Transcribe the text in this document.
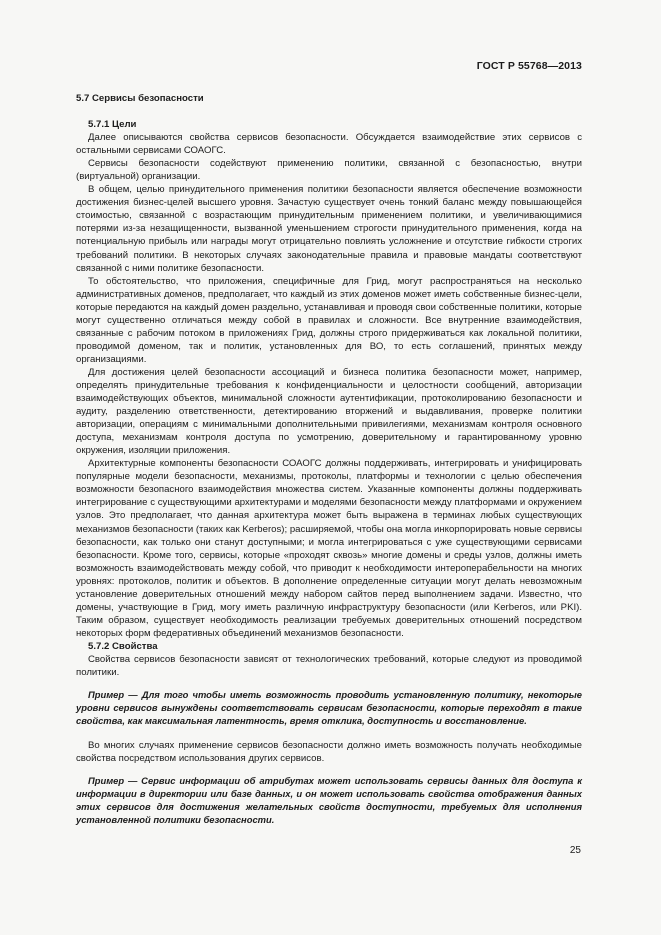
ГОСТ Р 55768—2013

5.7 Сервисы безопасности

5.7.1 Цели

Далее описываются свойства сервисов безопасности. Обсуждается взаимодействие этих сервисов с остальными сервисами СОАОГС.

Сервисы безопасности содействуют применению политики, связанной с безопасностью, внутри (виртуальной) организации.

В общем, целью принудительного применения политики безопасности является обеспечение возможности достижения бизнес-целей высшего уровня. Зачастую существует очень тонкий баланс между повышающейся стоимостью, связанной с возрастающим принудительным применением политики, и увеличивающимися потерями из-за незащищенности, вызванной уменьшением строгости принудительного применения, когда на потенциальную прибыль или награды могут отрицательно повлиять усложнение и отсутствие гибкости строгих требований политики. В некоторых случаях законодательные правила и правовые мандаты соответствуют связанной с ними политике безопасности.

То обстоятельство, что приложения, специфичные для Грид, могут распространяться на несколько административных доменов, предполагает, что каждый из этих доменов может иметь собственные бизнес-цели, которые передаются на каждый домен раздельно, устанавливая и проводя свои собственные политики, которые могут существенно отличаться между собой в правилах и сложности. Все внутренние взаимодействия, связанные с рабочим потоком в приложениях Грид, должны строго придерживаться как локальной политики, проводимой доменом, так и политик, установленных для ВО, то есть соглашений, принятых между организациями.

Для достижения целей безопасности ассоциаций и бизнеса политика безопасности может, например, определять принудительные требования к конфиденциальности и целостности сообщений, авторизации взаимодействующих объектов, минимальной сложности аутентификации, протоколированию безопасности и аудиту, разделению ответственности, детектированию вторжений и выдавливания, проверке политики авторизации, операциям с минимальными дополнительными привилегиями, механизмам контроля основного доступа, механизмам контроля доступа по усмотрению, доверительному и гарантированному уровню окружения, изоляции приложения.

Архитектурные компоненты безопасности СОАОГС должны поддерживать, интегрировать и унифицировать популярные модели безопасности, механизмы, протоколы, платформы и технологии с целью обеспечения возможности безопасного взаимодействия множества систем. Указанные компоненты должны поддерживать интегрирование с существующими архитектурами и моделями безопасности между платформами и окружением узлов. Это предполагает, что данная архитектура может быть выражена в терминах любых существующих механизмов безопасности (таких как Kerberos); расширяемой, чтобы она могла инкорпорировать новые сервисы безопасности, как только они станут доступными; и могла интегрироваться с уже существующими сервисами безопасности. Кроме того, сервисы, которые «проходят сквозь» многие домены и среды узлов, должны иметь возможность взаимодействовать между собой, что приводит к необходимости интероперабельности на многих уровнях: протоколов, политик и объектов. В дополнение определенные ситуации могут делать невозможным установление доверительных отношений между набором сайтов перед выполнением задачи. Известно, что домены, участвующие в Грид, могу иметь различную инфраструктуру безопасности (или Kerberos, или PKI). Таким образом, существует необходимость реализации требуемых доверительных отношений посредством некоторых форм федеративных объединений механизмов безопасности.

5.7.2 Свойства

Свойства сервисов безопасности зависят от технологических требований, которые следуют из проводимой политики.

Пример — Для того чтобы иметь возможность проводить установленную политику, некоторые уровни сервисов вынуждены соответствовать сервисам безопасности, которые переходят в такие свойства, как максимальная латентность, время отклика, доступность и восстановление.

Во многих случаях применение сервисов безопасности должно иметь возможность получать необходимые свойства посредством использования других сервисов.

Пример — Сервис информации об атрибутах может использовать сервисы данных для доступа к информации в директории или базе данных, и он может использовать свойства отображения данных этих сервисов для достижения желательных свойств доступности, требуемых для исполнения установленной политики безопасности.

25
